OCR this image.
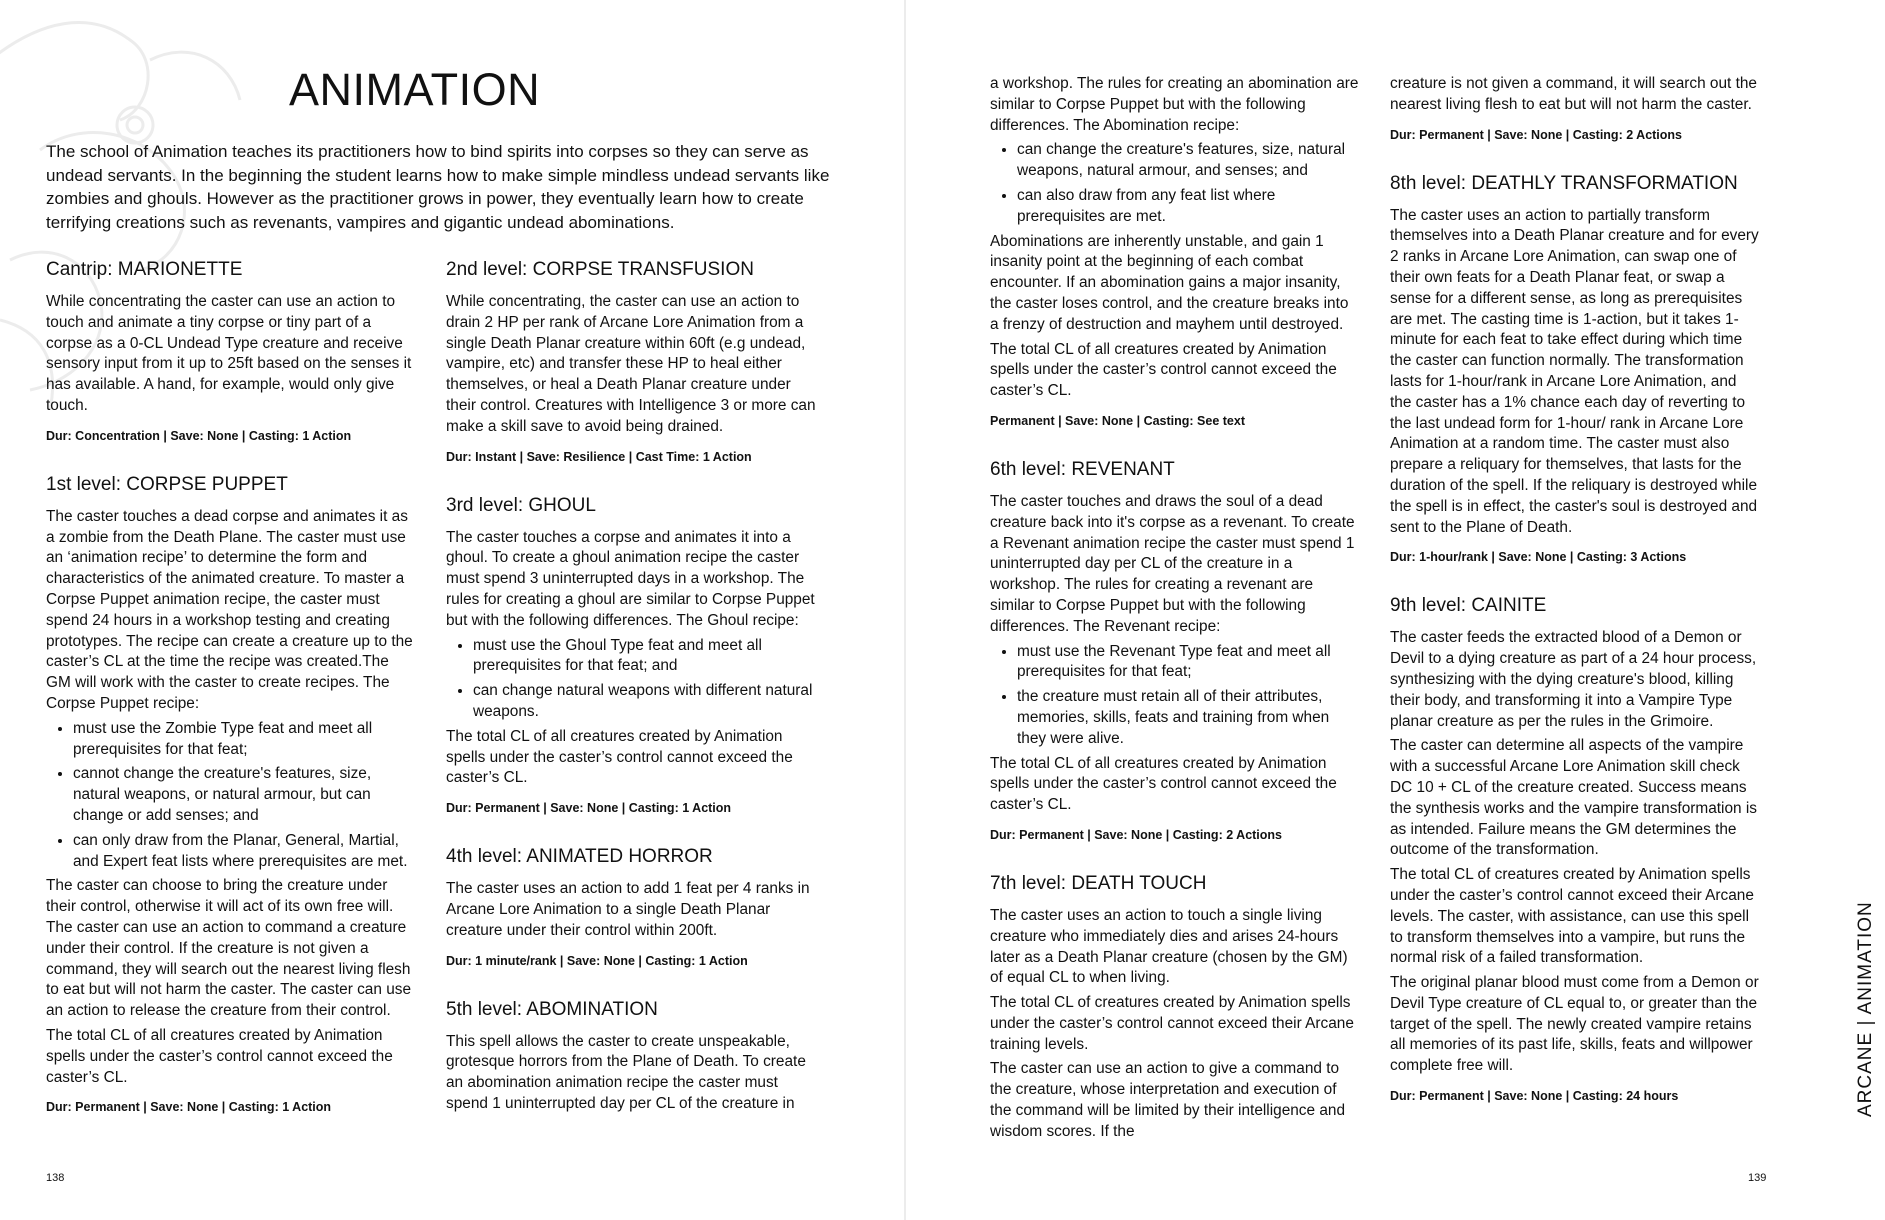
ANIMATION

The school of Animation teaches its practitioners how to bind spirits into corpses so they can serve as undead servants. In the beginning the student learns how to make simple mindless undead servants like zombies and ghouls. However as the practitioner grows in power, they eventually learn how to create terrifying creations such as revenants, vampires and gigantic undead abominations.

Cantrip: MARIONETTE

While concentrating the caster can use an action to touch and animate a tiny corpse or tiny part of a corpse as a 0-CL Undead Type creature and receive sensory input from it up to 25ft based on the senses it has available. A hand, for example, would only give touch.

Dur: Concentration | Save: None | Casting: 1 Action

1st level: CORPSE PUPPET

The caster touches a dead corpse and animates it as a zombie from the Death Plane. The caster must use an ‘animation recipe’ to determine the form and characteristics of the animated creature. To master a Corpse Puppet animation recipe, the caster must spend 24 hours in a workshop testing and creating prototypes. The recipe can create a creature up to the caster’s CL at the time the recipe was created.The GM will work with the caster to create recipes. The Corpse Puppet recipe:

• must use the Zombie Type feat and meet all prerequisites for that feat;
• cannot change the creature's features, size, natural weapons, or natural armour, but can change or add senses; and
• can only draw from the Planar, General, Martial, and Expert feat lists where prerequisites are met.

The caster can choose to bring the creature under their control, otherwise it will act of its own free will. The caster can use an action to command a creature under their control. If the creature is not given a command, they will search out the nearest living flesh to eat but will not harm the caster. The caster can use an action to release the creature from their control.

The total CL of all creatures created by Animation spells under the caster’s control cannot exceed the caster’s CL.

Dur: Permanent | Save: None | Casting: 1 Action

2nd level: CORPSE TRANSFUSION

While concentrating, the caster can use an action to drain 2 HP per rank of Arcane Lore Animation from a single Death Planar creature within 60ft (e.g undead, vampire, etc) and transfer these HP to heal either themselves, or heal a Death Planar creature under their control. Creatures with Intelligence 3 or more can make a skill save to avoid being drained.

Dur: Instant | Save: Resilience | Cast Time: 1 Action

3rd level: GHOUL

The caster touches a corpse and animates it into a ghoul. To create a ghoul animation recipe the caster must spend 3 uninterrupted days in a workshop. The rules for creating a ghoul are similar to Corpse Puppet but with the following differences. The Ghoul recipe:

• must use the Ghoul Type feat and meet all prerequisites for that feat; and
• can change natural weapons with different natural weapons.

The total CL of all creatures created by Animation spells under the caster’s control cannot exceed the caster’s CL.

Dur: Permanent | Save: None | Casting: 1 Action

4th level: ANIMATED HORROR

The caster uses an action to add 1 feat per 4 ranks in Arcane Lore Animation to a single Death Planar creature under their control within 200ft.

Dur: 1 minute/rank | Save: None | Casting: 1 Action

5th level: ABOMINATION

This spell allows the caster to create unspeakable, grotesque horrors from the Plane of Death. To create an abomination animation recipe the caster must spend 1 uninterrupted day per CL of the creature in

138

a workshop. The rules for creating an abomination are similar to Corpse Puppet but with the following differences. The Abomination recipe:

• can change the creature's features, size, natural weapons, natural armour, and senses; and
• can also draw from any feat list where prerequisites are met.

Abominations are inherently unstable, and gain 1 insanity point at the beginning of each combat encounter. If an abomination gains a major insanity, the caster loses control, and the creature breaks into a frenzy of destruction and mayhem until destroyed.

The total CL of all creatures created by Animation spells under the caster’s control cannot exceed the caster’s CL.

Permanent | Save: None | Casting: See text

6th level: REVENANT

The caster touches and draws the soul of a dead creature back into it's corpse as a revenant. To create a Revenant animation recipe the caster must spend 1 uninterrupted day per CL of the creature in a workshop. The rules for creating a revenant are similar to Corpse Puppet but with the following differences. The Revenant recipe:

• must use the Revenant Type feat and meet all prerequisites for that feat;
• the creature must retain all of their attributes, memories, skills, feats and training from when they were alive.

The total CL of all creatures created by Animation spells under the caster’s control cannot exceed the caster’s CL.

Dur: Permanent | Save: None | Casting: 2 Actions

7th level: DEATH TOUCH

The caster uses an action to touch a single living creature who immediately dies and arises 24-hours later as a Death Planar creature (chosen by the GM) of equal CL to when living.

The total CL of creatures created by Animation spells under the caster’s control cannot exceed their Arcane training levels.

The caster can use an action to give a command to the creature, whose interpretation and execution of the command will be limited by their intelligence and wisdom scores. If the

creature is not given a command, it will search out the nearest living flesh to eat but will not harm the caster.

Dur: Permanent | Save: None | Casting: 2 Actions

8th level: DEATHLY TRANSFORMATION

The caster uses an action to partially transform themselves into a Death Planar creature and for every 2 ranks in Arcane Lore Animation, can swap one of their own feats for a Death Planar feat, or swap a sense for a different sense, as long as prerequisites are met. The casting time is 1-action, but it takes 1-minute for each feat to take effect during which time the caster can function normally. The transformation lasts for 1-hour/rank in Arcane Lore Animation, and the caster has a 1% chance each day of reverting to the last undead form for 1-hour/ rank in Arcane Lore Animation at a random time. The caster must also prepare a reliquary for themselves, that lasts for the duration of the spell. If the reliquary is destroyed while the spell is in effect, the caster's soul is destroyed and sent to the Plane of Death.

Dur: 1-hour/rank | Save: None | Casting: 3 Actions

9th level: CAINITE

The caster feeds the extracted blood of a Demon or Devil to a dying creature as part of a 24 hour process, synthesizing with the dying creature's blood, killing their body, and transforming it into a Vampire Type planar creature as per the rules in the Grimoire.

The caster can determine all aspects of the vampire with a successful Arcane Lore Animation skill check DC 10 + CL of the creature created. Success means the synthesis works and the vampire transformation is as intended. Failure means the GM determines the outcome of the transformation.

The total CL of creatures created by Animation spells under the caster’s control cannot exceed their Arcane levels. The caster, with assistance, can use this spell to transform themselves into a vampire, but runs the normal risk of a failed transformation.

The original planar blood must come from a Demon or Devil Type creature of CL equal to, or greater than the target of the spell. The newly created vampire retains all memories of its past life, skills, feats and willpower complete free will.

Dur: Permanent | Save: None | Casting: 24 hours

139
ARCANE | ANIMATION
